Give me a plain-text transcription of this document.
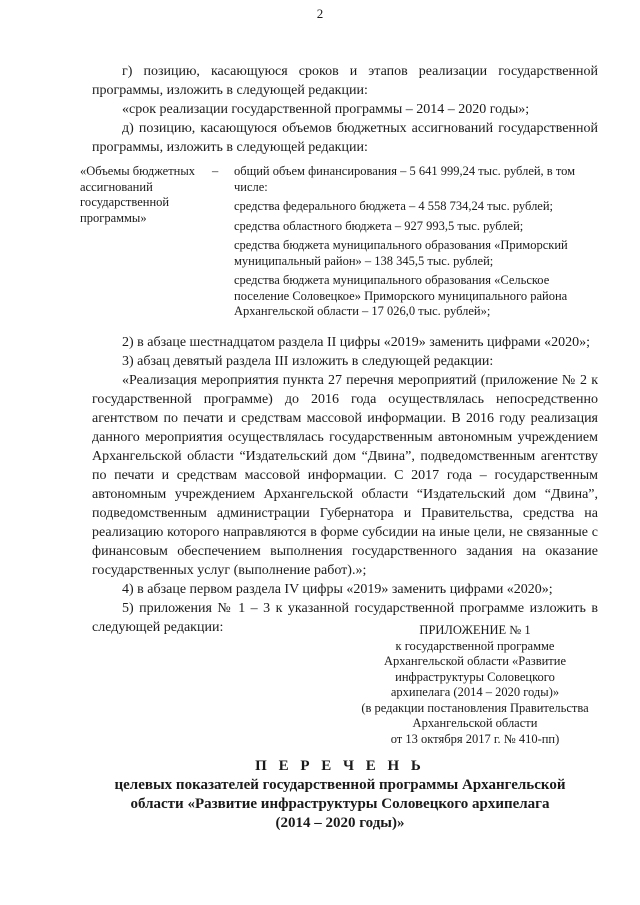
2

г) позицию, касающуюся сроков и этапов реализации государственной программы, изложить в следующей редакции:

«срок реализации государственной программы – 2014 – 2020 годы»;

д) позицию, касающуюся объемов бюджетных ассигнований государственной программы, изложить в следующей редакции:

«Объемы бюджетных ассигнований государственной программы»
–	общий объем финансирования – 5 641 999,24 тыс. рублей, в том числе:
средства федерального бюджета – 4 558 734,24 тыс. рублей;
средства областного бюджета – 927 993,5 тыс. рублей;
средства бюджета муниципального образования «Приморский муниципальный район» – 138 345,5 тыс. рублей;
средства бюджета муниципального образования «Сельское поселение Соловецкое» Приморского муниципального района Архангельской области – 17 026,0 тыс. рублей»;

2) в абзаце шестнадцатом раздела II цифры «2019» заменить цифрами «2020»;

3) абзац девятый раздела III изложить в следующей редакции:

«Реализация мероприятия пункта 27 перечня мероприятий (приложение № 2 к государственной программе) до 2016 года осуществлялась непосредственно агентством по печати и средствам массовой информации. В 2016 году реализация данного мероприятия осуществлялась государственным автономным учреждением Архангельской области “Издательский дом “Двина”, подведомственным агентству по печати и средствам массовой информации. С 2017 года – государственным автономным учреждением Архангельской области “Издательский дом “Двина”, подведомственным администрации Губернатора и Правительства, средства на реализацию которого направляются в форме субсидии на иные цели, не связанные с финансовым обеспечением выполнения государственного задания на оказание государственных услуг (выполнение работ).»;

4) в абзаце первом раздела IV цифры «2019» заменить цифрами «2020»;

5) приложения № 1 – 3 к указанной государственной программе изложить в следующей редакции:	ПРИЛОЖЕНИЕ № 1
к государственной программе
Архангельской области «Развитие
инфраструктуры Соловецкого
архипелага (2014 – 2020 годы)»
(в редакции постановления Правительства
Архангельской области
от 13 октября 2017 г. № 410-пп)
П Е Р Е Ч Е Н Ь
целевых показателей государственной программы Архангельской
области «Развитие инфраструктуры Соловецкого архипелага
(2014 – 2020 годы)»
